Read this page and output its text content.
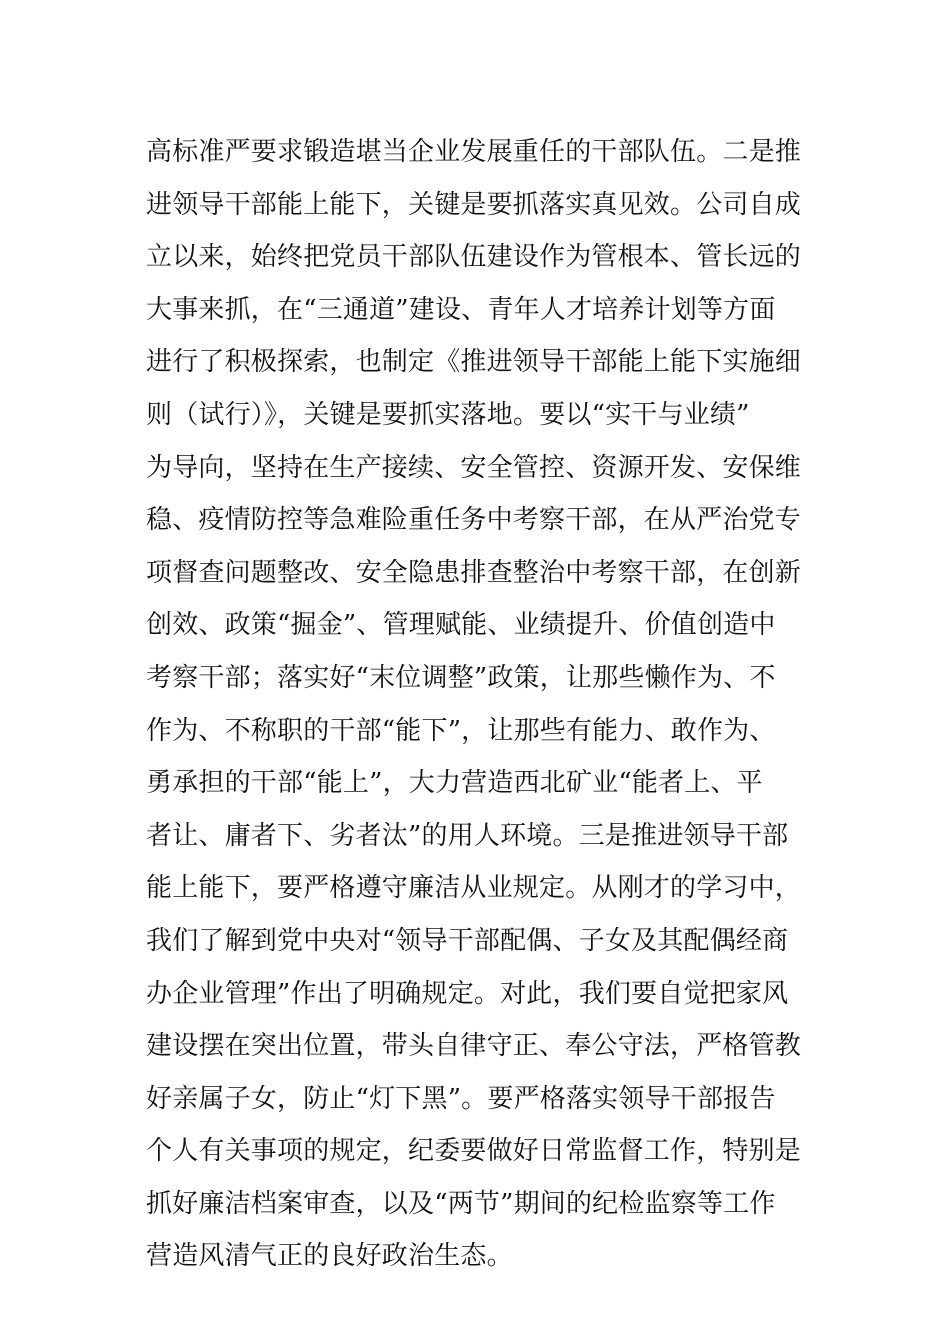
高标准严要求锻造堪当企业发展重任的干部队伍。二是推
进领导干部能上能下，关键是要抓落实真见效。公司自成
立以来，始终把党员干部队伍建设作为管根本、管长远的
大事来抓，在“三通道”建设、青年人才培养计划等方面
进行了积极探索，也制定《推进领导干部能上能下实施细
则（试行）》，关键是要抓实落地。要以“实干与业绩”
为导向，坚持在生产接续、安全管控、资源开发、安保维
稳、疫情防控等急难险重任务中考察干部，在从严治党专
项督查问题整改、安全隐患排查整治中考察干部，在创新
创效、政策“掘金”、管理赋能、业绩提升、价值创造中
考察干部；落实好“末位调整”政策，让那些懒作为、不
作为、不称职的干部“能下”，让那些有能力、敢作为、
勇承担的干部“能上”，大力营造西北矿业“能者上、平
者让、庸者下、劣者汰”的用人环境。三是推进领导干部
能上能下，要严格遵守廉洁从业规定。从刚才的学习中，
我们了解到党中央对“领导干部配偶、子女及其配偶经商
办企业管理”作出了明确规定。对此，我们要自觉把家风
建设摆在突出位置，带头自律守正、奉公守法，严格管教
好亲属子女，防止“灯下黑”。要严格落实领导干部报告
个人有关事项的规定，纪委要做好日常监督工作，特别是
抓好廉洁档案审查，以及“两节”期间的纪检监察等工作
营造风清气正的良好政治生态。
